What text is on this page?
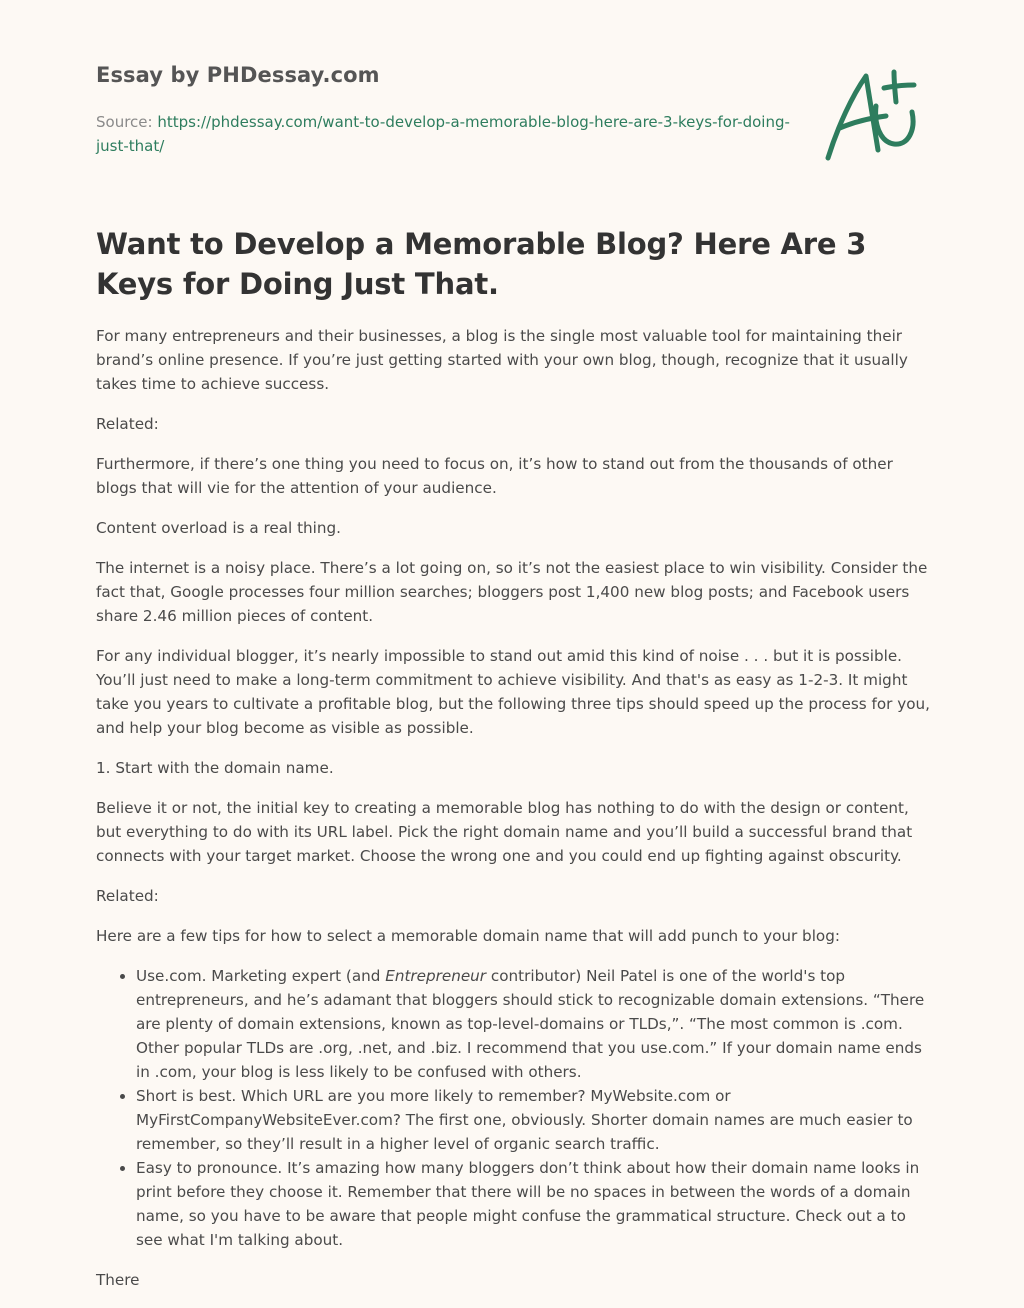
Essay by PHDessay.com
Source: https://phdessay.com/want-to-develop-a-memorable-blog-here-are-3-keys-for-doing-just-that/
Want to Develop a Memorable Blog? Here Are 3 Keys for Doing Just That.

For many entrepreneurs and their businesses, a blog is the single most valuable tool for maintaining their brand’s online presence. If you’re just getting started with your own blog, though, recognize that it usually takes time to achieve success.

Related:

Furthermore, if there’s one thing you need to focus on, it’s how to stand out from the thousands of other blogs that will vie for the attention of your audience.

Content overload is a real thing.

The internet is a noisy place. There’s a lot going on, so it’s not the easiest place to win visibility. Consider the fact that, Google processes four million searches; bloggers post 1,400 new blog posts; and Facebook users share 2.46 million pieces of content.

For any individual blogger, it’s nearly impossible to stand out amid this kind of noise . . . but it is possible. You’ll just need to make a long-term commitment to achieve visibility. And that's as easy as 1-2-3. It might take you years to cultivate a profitable blog, but the following three tips should speed up the process for you, and help your blog become as visible as possible.

1. Start with the domain name.

Believe it or not, the initial key to creating a memorable blog has nothing to do with the design or content, but everything to do with its URL label. Pick the right domain name and you’ll build a successful brand that connects with your target market. Choose the wrong one and you could end up fighting against obscurity.

Related:

Here are a few tips for how to select a memorable domain name that will add punch to your blog:

• Use.com. Marketing expert (and Entrepreneur contributor) Neil Patel is one of the world's top entrepreneurs, and he’s adamant that bloggers should stick to recognizable domain extensions. “There are plenty of domain extensions, known as top-level-domains or TLDs,”. “The most common is .com. Other popular TLDs are .org, .net, and .biz. I recommend that you use.com.” If your domain name ends in .com, your blog is less likely to be confused with others.
• Short is best. Which URL are you more likely to remember? MyWebsite.com or MyFirstCompanyWebsiteEver.com? The first one, obviously. Shorter domain names are much easier to remember, so they’ll result in a higher level of organic search traffic.
• Easy to pronounce. It’s amazing how many bloggers don’t think about how their domain name looks in print before they choose it. Remember that there will be no spaces in between the words of a domain name, so you have to be aware that people might confuse the grammatical structure. Check out a to see what I'm talking about.

There
